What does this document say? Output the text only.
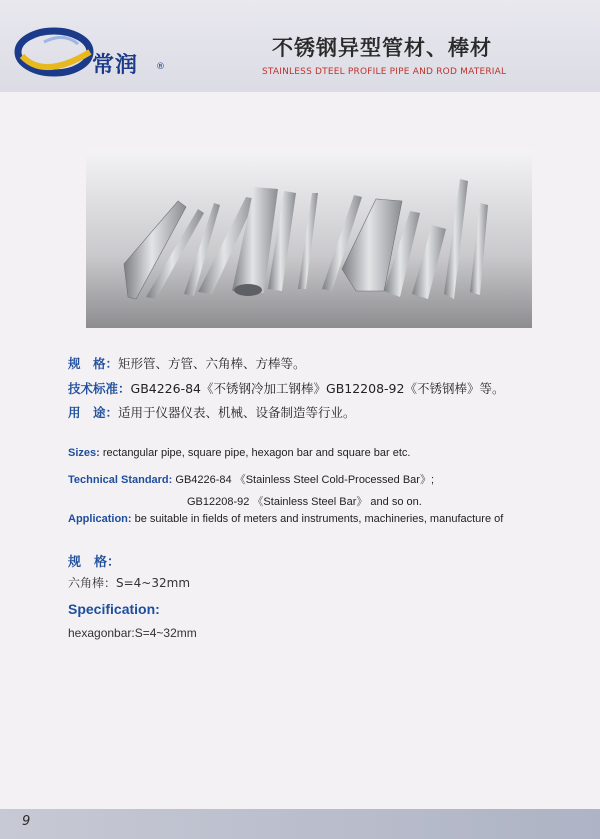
常润 ®
不锈钢异型管材、棒材
STAINLESS DTEEL PROFILE PIPE AND ROD MATERIAL
规　格：矩形管、方管、六角棒、方棒等。
技术标准：GB4226-84《不锈钢冷加工钢棒》GB12208-92《不锈钢棒》等。
用　途：适用于仪器仪表、机械、设备制造等行业。
Sizes: rectangular pipe, square pipe, hexagon bar and square bar etc.
Technical Standard: GB4226-84 《Stainless Steel Cold-Processed Bar》;
GB12208-92 《Stainless Steel Bar》 and so on.
Application: be suitable in fields of meters and instruments, machineries, manufacture of
规　格：
六角棒：S=4~32mm
Specification:
hexagonbar:S=4~32mm
9
